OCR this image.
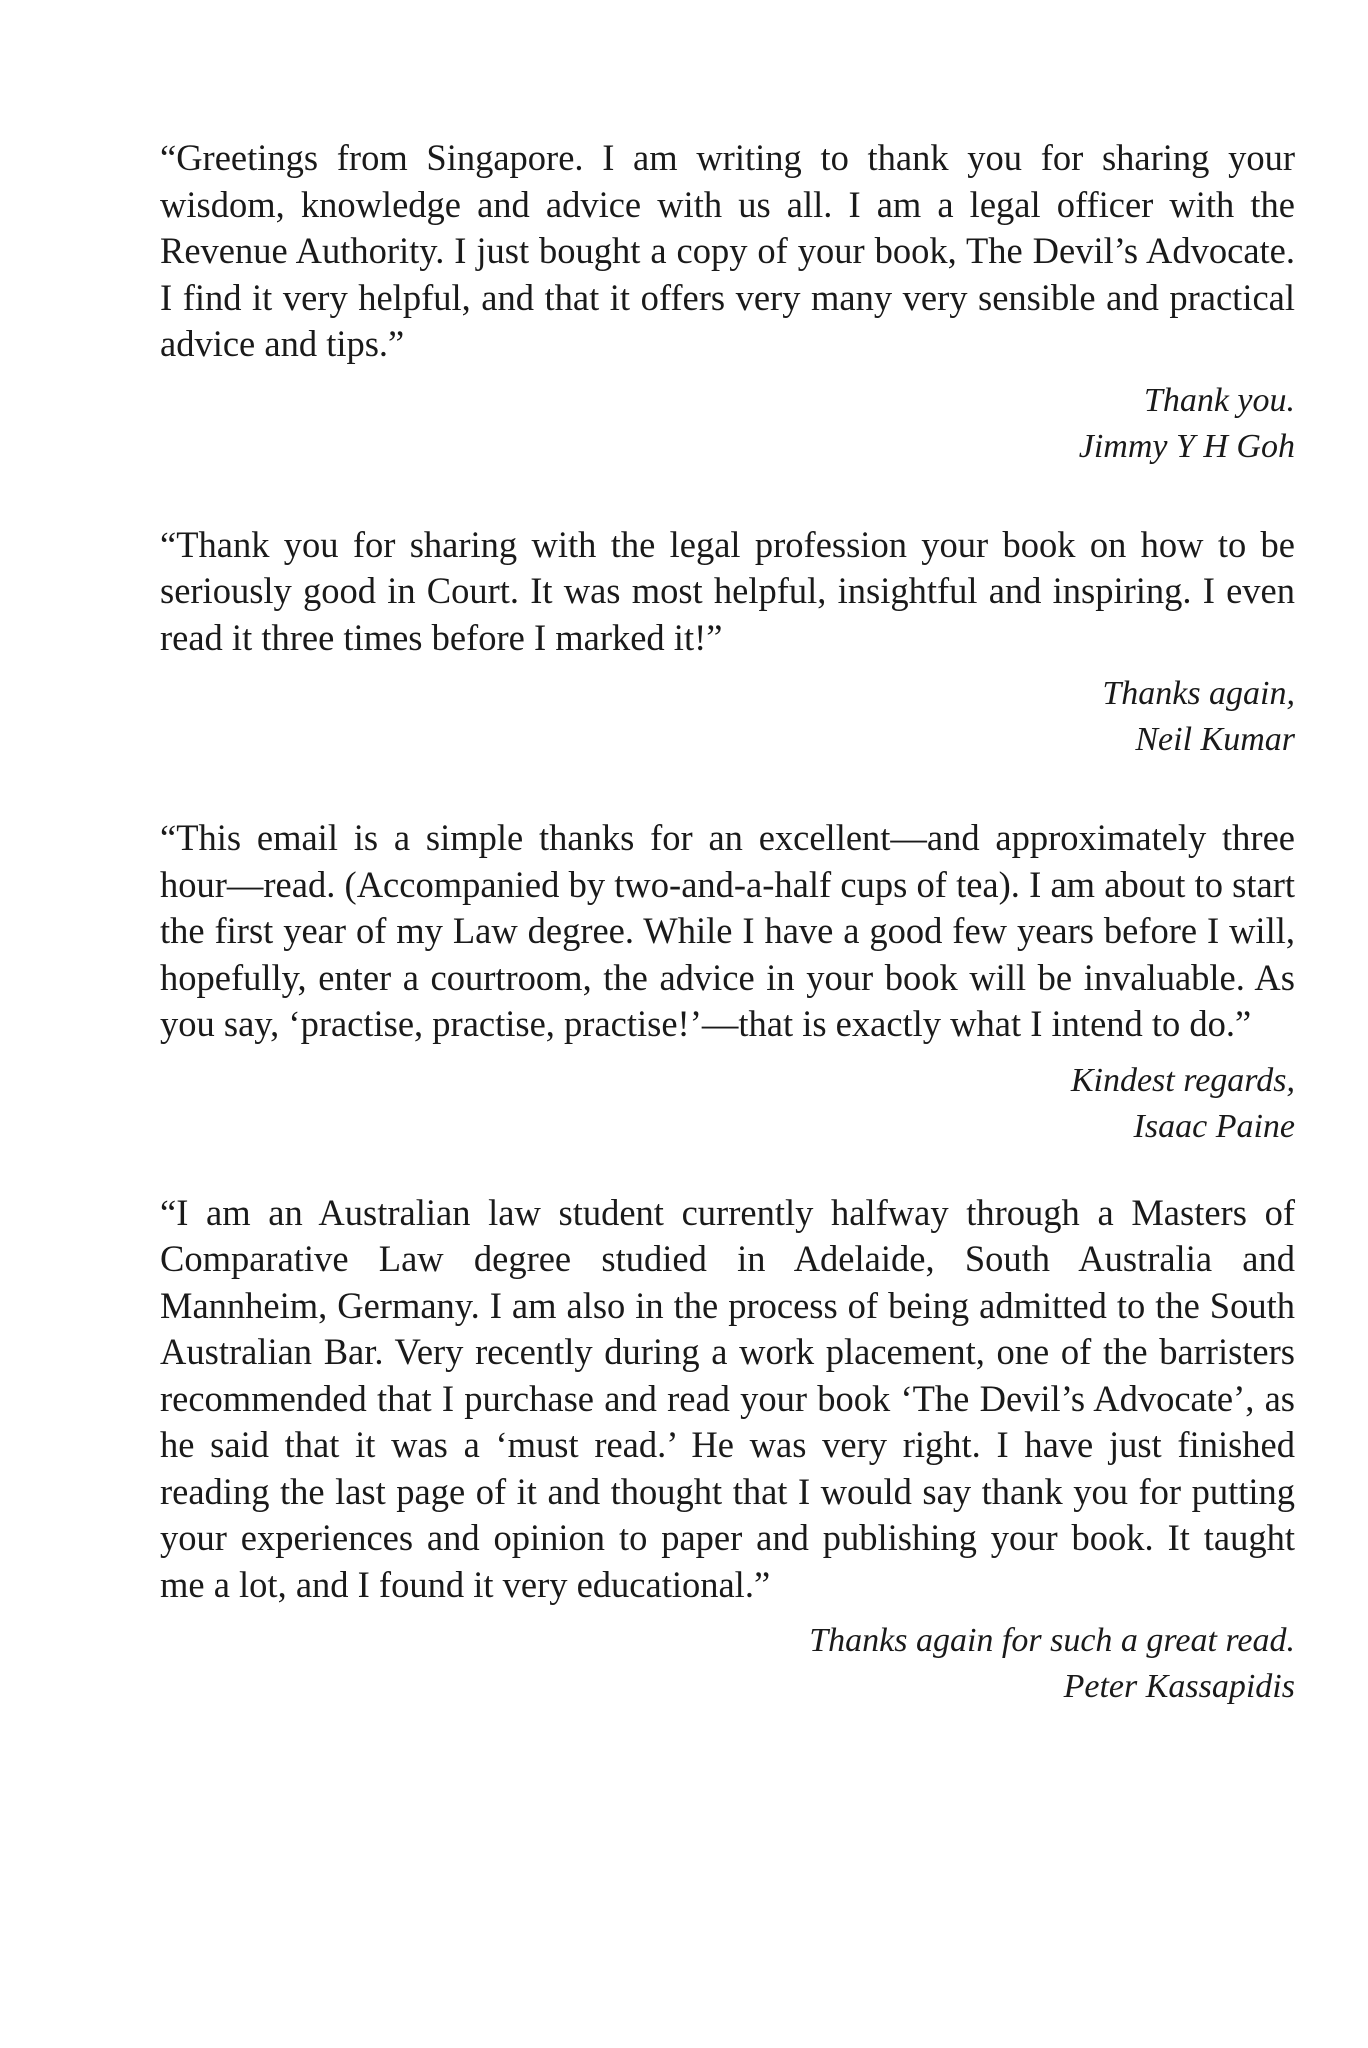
“Greetings from Singapore. I am writing to thank you for sharing your wisdom, knowledge and advice with us all. I am a legal officer with the Revenue Authority. I just bought a copy of your book, The Devil’s Advocate. I find it very helpful, and that it offers very many very sensible and practical advice and tips.”

Thank you.

Jimmy Y H Goh

“Thank you for sharing with the legal profession your book on how to be seriously good in Court. It was most helpful, insightful and inspiring. I even read it three times before I marked it!”

Thanks again,

Neil Kumar

“This email is a simple thanks for an excellent—and approximately three hour—read. (Accompanied by two-and-a-half cups of tea). I am about to start the first year of my Law degree. While I have a good few years before I will, hopefully, enter a courtroom, the advice in your book will be invaluable. As you say, ‘practise, practise, practise!’—that is exactly what I intend to do.”

Kindest regards,

Isaac Paine

“I am an Australian law student currently halfway through a Masters of Comparative Law degree studied in Adelaide, South Australia and Mannheim, Germany. I am also in the process of being admitted to the South Australian Bar. Very recently during a work placement, one of the barristers recommended that I purchase and read your book ‘The Devil’s Advocate’, as he said that it was a ‘must read.’ He was very right. I have just finished reading the last page of it and thought that I would say thank you for putting your experiences and opinion to paper and publishing your book. It taught me a lot, and I found it very educational.”

Thanks again for such a great read.

Peter Kassapidis
